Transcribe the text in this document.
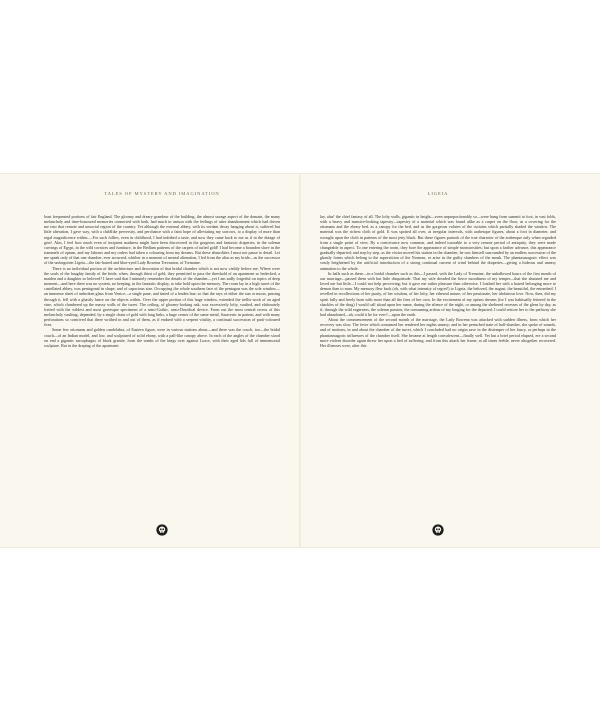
TALES OF MYSTERY AND IMAGINATION

least frequented portions of fair England. The gloomy and dreary grandeur of the building, the almost savage aspect of the domain, the many melancholy and time-honoured memories connected with both, had much in unison with the feelings of utter abandonment which had driven me into that remote and unsocial region of the country. Yet although the external abbey, with its verdant decay hanging about it, suffered but little alteration, I gave way, with a childlike perversity, and perchance with a faint hope of alleviating my sorrows, to a display of more than regal magnificence within.—For such follies, even in childhood, I had imbibed a taste, and now they came back to me as if in the dotage of grief. Alas, I feel how much even of incipient madness might have been discovered in the gorgeous and fantastic draperies, in the solemn carvings of Egypt, in the wild cornices and furniture, in the Bedlam patterns of the carpets of tufted gold! I had become a bounden slave in the trammels of opium, and my labours and my orders had taken a colouring from my dreams. But these absurdities I must not pause to detail. Let me speak only of that one chamber, ever accursed, whither in a moment of mental alienation, I led from the altar as my bride—as the successor of the unforgotten Ligeia—the fair-haired and blue-eyed Lady Rowena Trevanion, of Tremaine.

There is no individual portion of the architecture and decoration of that bridal chamber which is not now visibly before me. Where were the souls of the haughty family of the bride, when, through thirst of gold, they permitted to pass the threshold of an apartment so bedecked, a maiden and a daughter so beloved? I have said that I minutely remember the details of the chamber—yet I am sadly forgetful on topics of deep moment—and here there was no system, no keeping, in the fantastic display, to take hold upon the memory. The room lay in a high turret of the castellated abbey, was pentagonal in shape, and of capacious size. Occupying the whole southern face of the pentagon was the sole window—an immense sheet of unbroken glass from Venice—a single pane, and tinted of a leaden hue, so that the rays of either the sun or moon, passing through it, fell with a ghastly lustre on the objects within. Over the upper portion of this huge window, extended the trellis-work of an aged vine, which clambered up the massy walls of the turret. The ceiling, of gloomy-looking oak, was excessively lofty, vaulted, and elaborately fretted with the wildest and most grotesque specimens of a semi-Gothic, semi-Druidical device. From out the most central recess of this melancholy vaulting, depended, by a single chain of gold with long links, a huge censer of the same metal, Saracenic in pattern, and with many perforations so contrived that there writhed in and out of them, as if endued with a serpent vitality, a continual succession of parti-coloured fires.

Some few ottomans and golden candelabra, of Eastern figure, were in various stations about—and there was the couch, too—the bridal couch—of an Indian model, and low, and sculptured of solid ebony, with a pall-like canopy above. In each of the angles of the chamber stood on end a gigantic sarcophagus of black granite, from the tombs of the kings over against Luxor, with their aged lids full of immemorial sculpture. But in the draping of the apartment

LIGEIA

lay, alas! the chief fantasy of all. The lofty walls, gigantic in height—even unproportionably so—were hung from summit to foot, in vast folds, with a heavy and massive-looking tapestry—tapestry of a material which was found alike as a carpet on the floor, as a covering for the ottomans and the ebony bed, as a canopy for the bed, and as the gorgeous volutes of the curtains which partially shaded the window. The material was the richest cloth of gold. It was spotted all over, at irregular intervals, with arabesque figures, about a foot in diameter, and wrought upon the cloth in patterns of the most jetty black. But these figures partook of the true character of the arabesque only when regarded from a single point of view. By a contrivance now common, and indeed traceable to a very remote period of antiquity, they were made changeable in aspect. To one entering the room, they bore the appearance of simple monstrosities; but upon a farther advance, this appearance gradually departed; and step by step, as the visitor moved his station in the chamber, he saw himself surrounded by an endless succession of the ghastly forms which belong to the superstition of the Norman, or arise in the guilty slumbers of the monk. The phantasmagoric effect was vastly heightened by the artificial introduction of a strong continual current of wind behind the draperies—giving a hideous and uneasy animation to the whole.

In halls such as these—in a bridal chamber such as this—I passed, with the Lady of Tremaine, the unhallowed hours of the first month of our marriage—passed them with but little disquietude. That my wife dreaded the fierce moodiness of my temper—that she shunned me and loved me but little—I could not help perceiving; but it gave me rather pleasure than otherwise. I loathed her with a hatred belonging more to demon than to man. My memory flew back (oh, with what intensity of regret!) to Ligeia, the beloved, the august, the beautiful, the entombed. I revelled in recollections of her purity, of her wisdom, of her lofty, her ethereal nature, of her passionate, her idolatrous love. Now, then, did my spirit fully and freely burn with more than all the fires of her own. In the excitement of my opium dreams (for I was habitually fettered in the shackles of the drug) I would call aloud upon her name, during the silence of the night, or among the sheltered recesses of the glens by day, as if, through the wild eagerness, the solemn passion, the consuming ardour of my longing for the departed, I could restore her to the pathway she had abandoned—ah, could it be for ever?—upon the earth.

About the commencement of the second month of the marriage, the Lady Rowena was attacked with sudden illness, from which her recovery was slow. The fever which consumed her rendered her nights uneasy; and in her perturbed state of half-slumber, she spoke of sounds, and of motions, in and about the chamber of the turret, which I concluded had no origin save in the distemper of her fancy, or perhaps in the phantasmagoric influences of the chamber itself. She became at length convalescent—finally well. Yet but a brief period elapsed, ere a second more violent disorder again threw her upon a bed of suffering; and from this attack her frame, at all times feeble, never altogether recovered. Her illnesses were, after this
